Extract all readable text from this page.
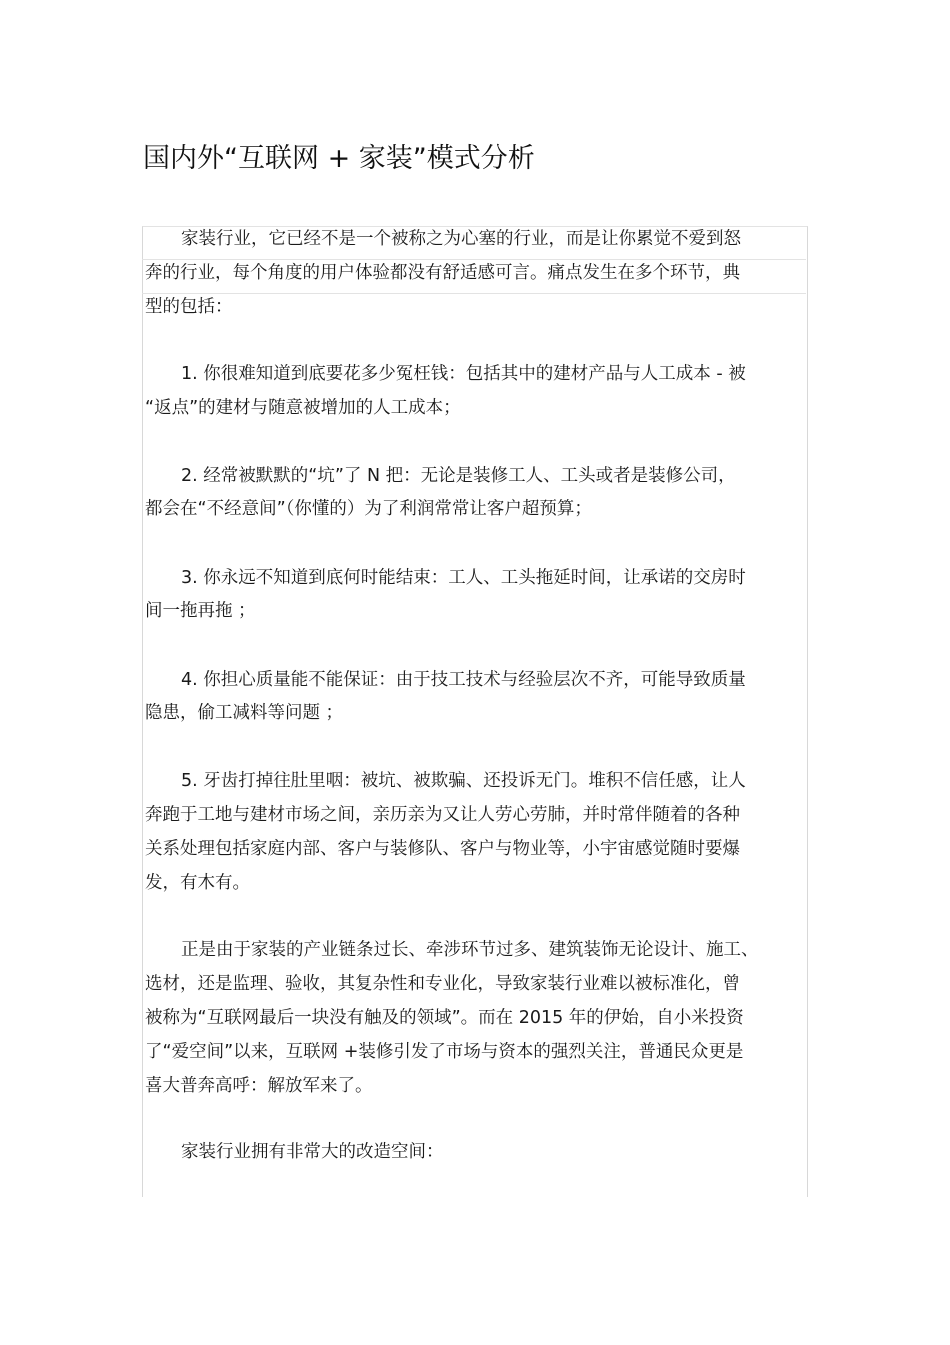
国内外“互联网 + 家装”模式分析
家装行业，它已经不是一个被称之为心塞的行业，而是让你累觉不爱到怒
奔的行业，每个角度的用户体验都没有舒适感可言。痛点发生在多个环节，典
型的包括：
1. 你很难知道到底要花多少冤枉钱：包括其中的建材产品与人工成本 - 被
“返点”的建材与随意被增加的人工成本；
2. 经常被默默的“坑”了 N 把：无论是装修工人、工头或者是装修公司，
都会在“不经意间”（你懂的）为了利润常常让客户超预算；
3. 你永远不知道到底何时能结束：工人、工头拖延时间，让承诺的交房时
间一拖再拖 ；
4. 你担心质量能不能保证：由于技工技术与经验层次不齐，可能导致质量
隐患，偷工减料等问题 ；
5. 牙齿打掉往肚里咽：被坑、被欺骗、还投诉无门。堆积不信任感，让人
奔跑于工地与建材市场之间，亲历亲为又让人劳心劳肺，并时常伴随着的各种
关系处理包括家庭内部、客户与装修队、客户与物业等，小宇宙感觉随时要爆
发，有木有。
正是由于家装的产业链条过长、牵涉环节过多、建筑装饰无论设计、施工、
选材，还是监理、验收，其复杂性和专业化，导致家装行业难以被标准化，曾
被称为“互联网最后一块没有触及的领域”。而在 2015 年的伊始，自小米投资
了“爱空间”以来，互联网 +装修引发了市场与资本的强烈关注，普通民众更是
喜大普奔高呼：解放军来了。
家装行业拥有非常大的改造空间：
